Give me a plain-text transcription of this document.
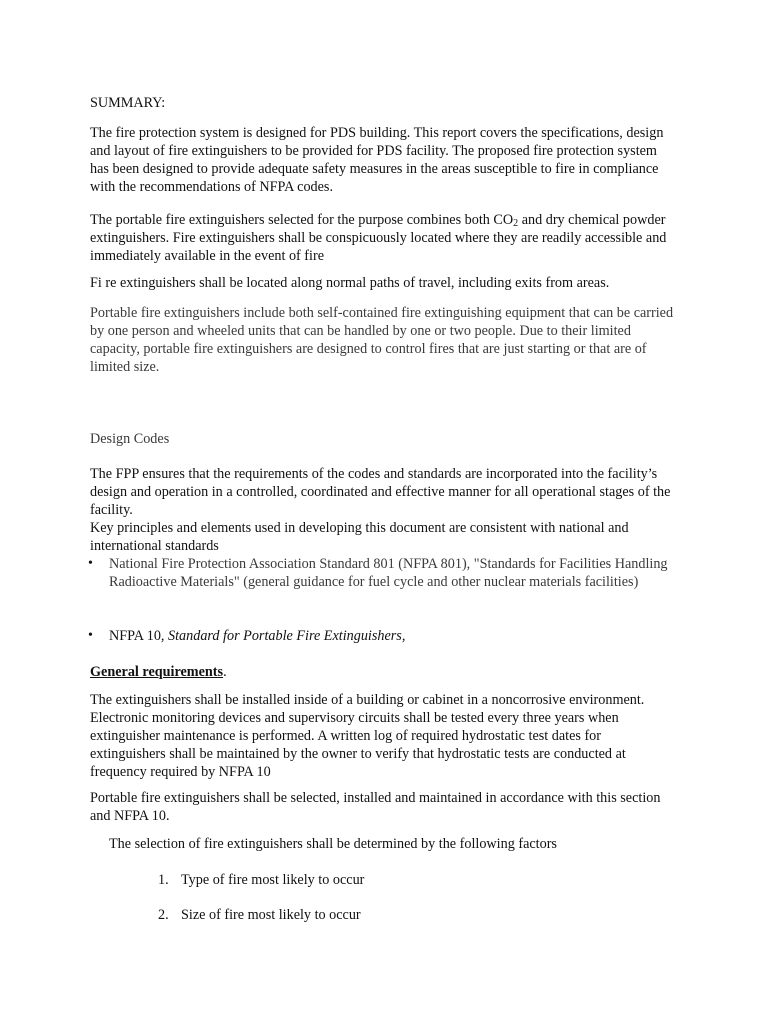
SUMMARY:
The fire protection system is designed for PDS building. This report covers the specifications, design and layout of fire extinguishers to be provided for PDS facility. The proposed fire protection system has been designed to provide adequate safety measures in the areas susceptible to fire in compliance with the recommendations of NFPA codes.
The portable fire extinguishers selected for the purpose combines both $CO_2$ and dry chemical powder extinguishers. Fire extinguishers shall be conspicuously located where they are readily accessible and immediately available in the event of fire
Fi re extinguishers shall be located along normal paths of travel, including exits from areas.
Portable fire extinguishers include both self-contained fire extinguishing equipment that can be carried by one person and wheeled units that can be handled by one or two people. Due to their limited capacity, portable fire extinguishers are designed to control fires that are just starting or that are of limited size.
Design Codes
The FPP ensures that the requirements of the codes and standards are incorporated into the facility’s design and operation in a controlled, coordinated and effective manner for all operational stages of the facility.
Key principles and elements used in developing this document are consistent with national and international standards
• National Fire Protection Association Standard 801 (NFPA 801), "Standards for Facilities Handling Radioactive Materials" (general guidance for fuel cycle and other nuclear materials facilities)
• NFPA 10, Standard for Portable Fire Extinguishers,
General requirements.
The extinguishers shall be installed inside of a building or cabinet in a noncorrosive environment. Electronic monitoring devices and supervisory circuits shall be tested every three years when extinguisher maintenance is performed. A written log of required hydrostatic test dates for extinguishers shall be maintained by the owner to verify that hydrostatic tests are conducted at frequency required by NFPA 10
Portable fire extinguishers shall be selected, installed and maintained in accordance with this section and NFPA 10.
The selection of fire extinguishers shall be determined by the following factors
1. Type of fire most likely to occur
2. Size of fire most likely to occur
